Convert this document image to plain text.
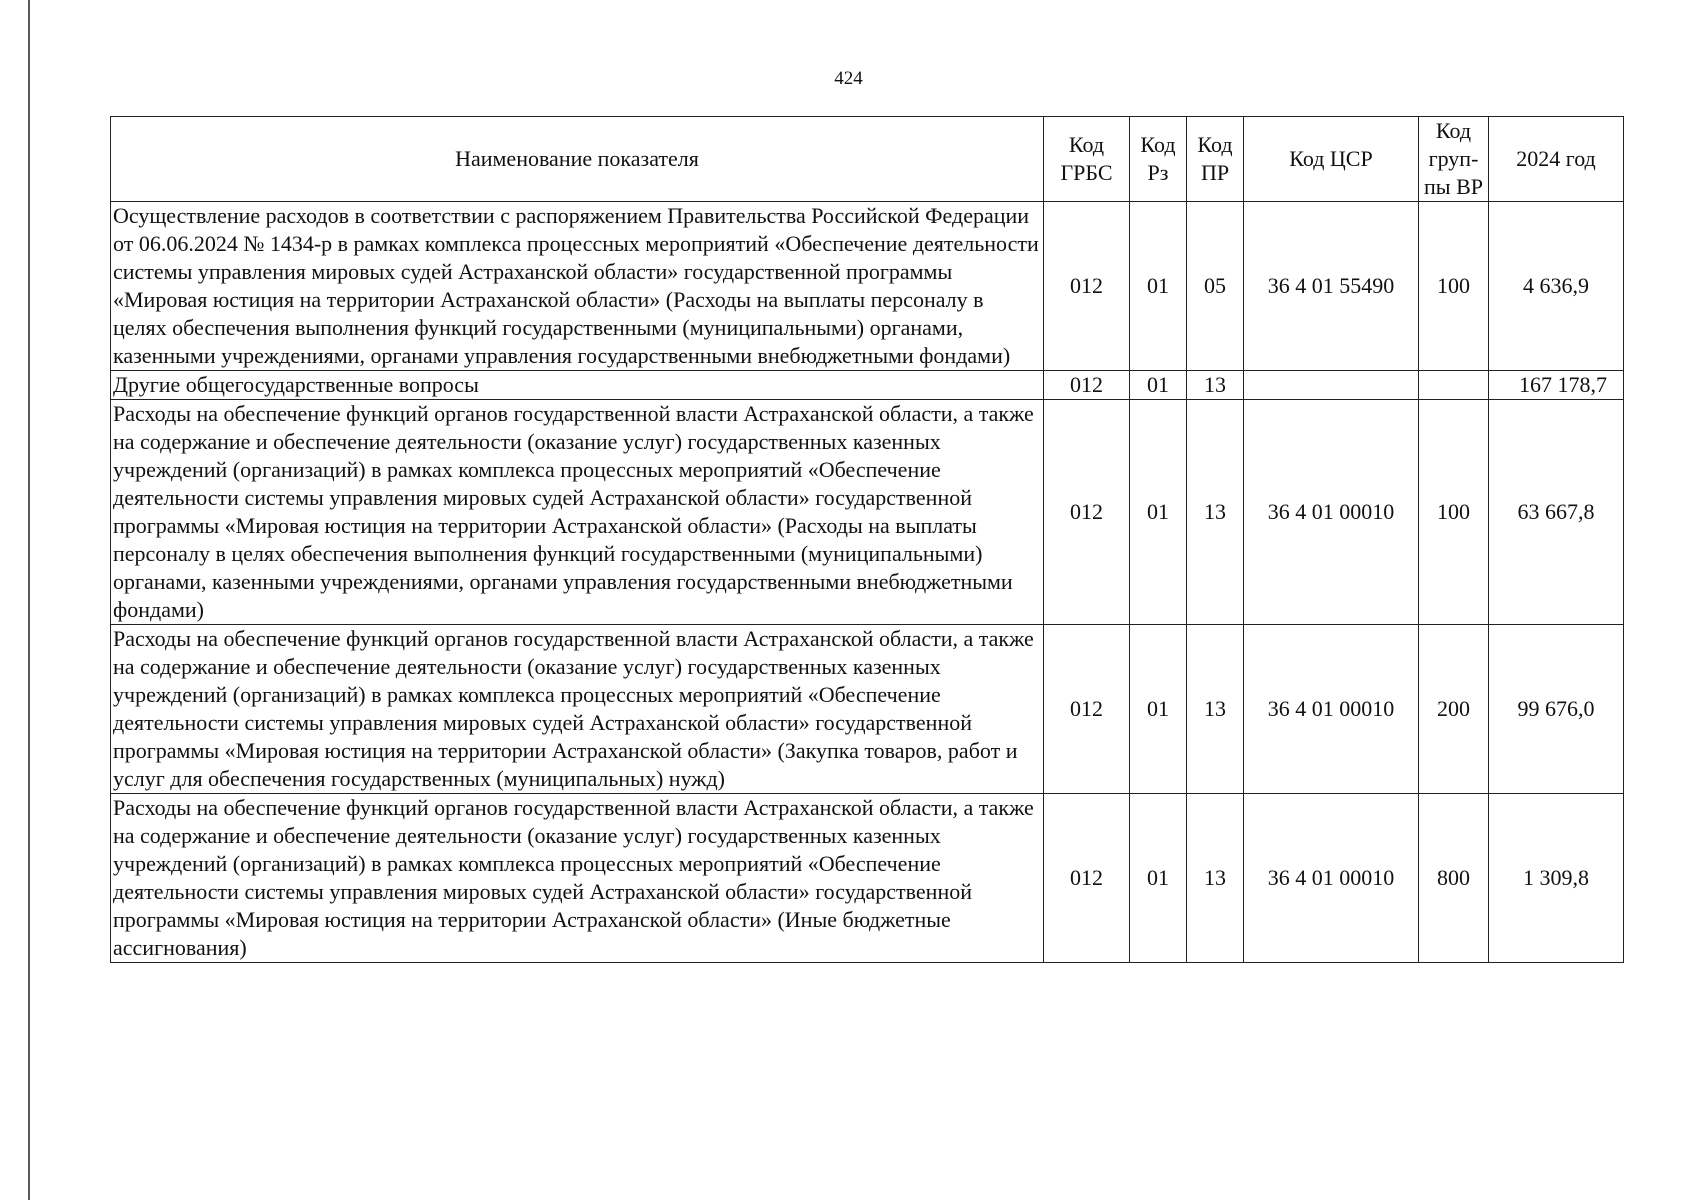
424
Наименование показателя	Код ГРБС	Код Рз	Код ПР	Код ЦСР	Код груп-пы ВР	2024 год
Осуществление расходов в соответствии с распоряжением Правительства Российской Федерации от 06.06.2024 № 1434-р в рамках комплекса процессных мероприятий «Обеспечение деятельности системы управления мировых судей Астраханской области» государственной программы «Мировая юстиция на территории Астраханской области» (Расходы на выплаты персоналу в целях обеспечения выполнения функций государственными (муниципальными) органами, казенными учреждениями, органами управления государственными внебюджетными фондами)	012	01	05	36 4 01 55490	100	4 636,9
Другие общегосударственные вопросы	012	01	13			167 178,7
Расходы на обеспечение функций органов государственной власти Астраханской области, а также на содержание и обеспечение деятельности (оказание услуг) государственных казенных учреждений (организаций) в рамках комплекса процессных мероприятий «Обеспечение деятельности системы управления мировых судей Астраханской области» государственной программы «Мировая юстиция на территории Астраханской области» (Расходы на выплаты персоналу в целях обеспечения выполнения функций государственными (муниципальными) органами, казенными учреждениями, органами управления государственными внебюджетными фондами)	012	01	13	36 4 01 00010	100	63 667,8
Расходы на обеспечение функций органов государственной власти Астраханской области, а также на содержание и обеспечение деятельности (оказание услуг) государственных казенных учреждений (организаций) в рамках комплекса процессных мероприятий «Обеспечение деятельности системы управления мировых судей Астраханской области» государственной программы «Мировая юстиция на территории Астраханской области» (Закупка товаров, работ и услуг для обеспечения государственных (муниципальных) нужд)	012	01	13	36 4 01 00010	200	99 676,0
Расходы на обеспечение функций органов государственной власти Астраханской области, а также на содержание и обеспечение деятельности (оказание услуг) государственных казенных учреждений (организаций) в рамках комплекса процессных мероприятий «Обеспечение деятельности системы управления мировых судей Астраханской области» государственной программы «Мировая юстиция на территории Астраханской области» (Иные бюджетные ассигнования)	012	01	13	36 4 01 00010	800	1 309,8
